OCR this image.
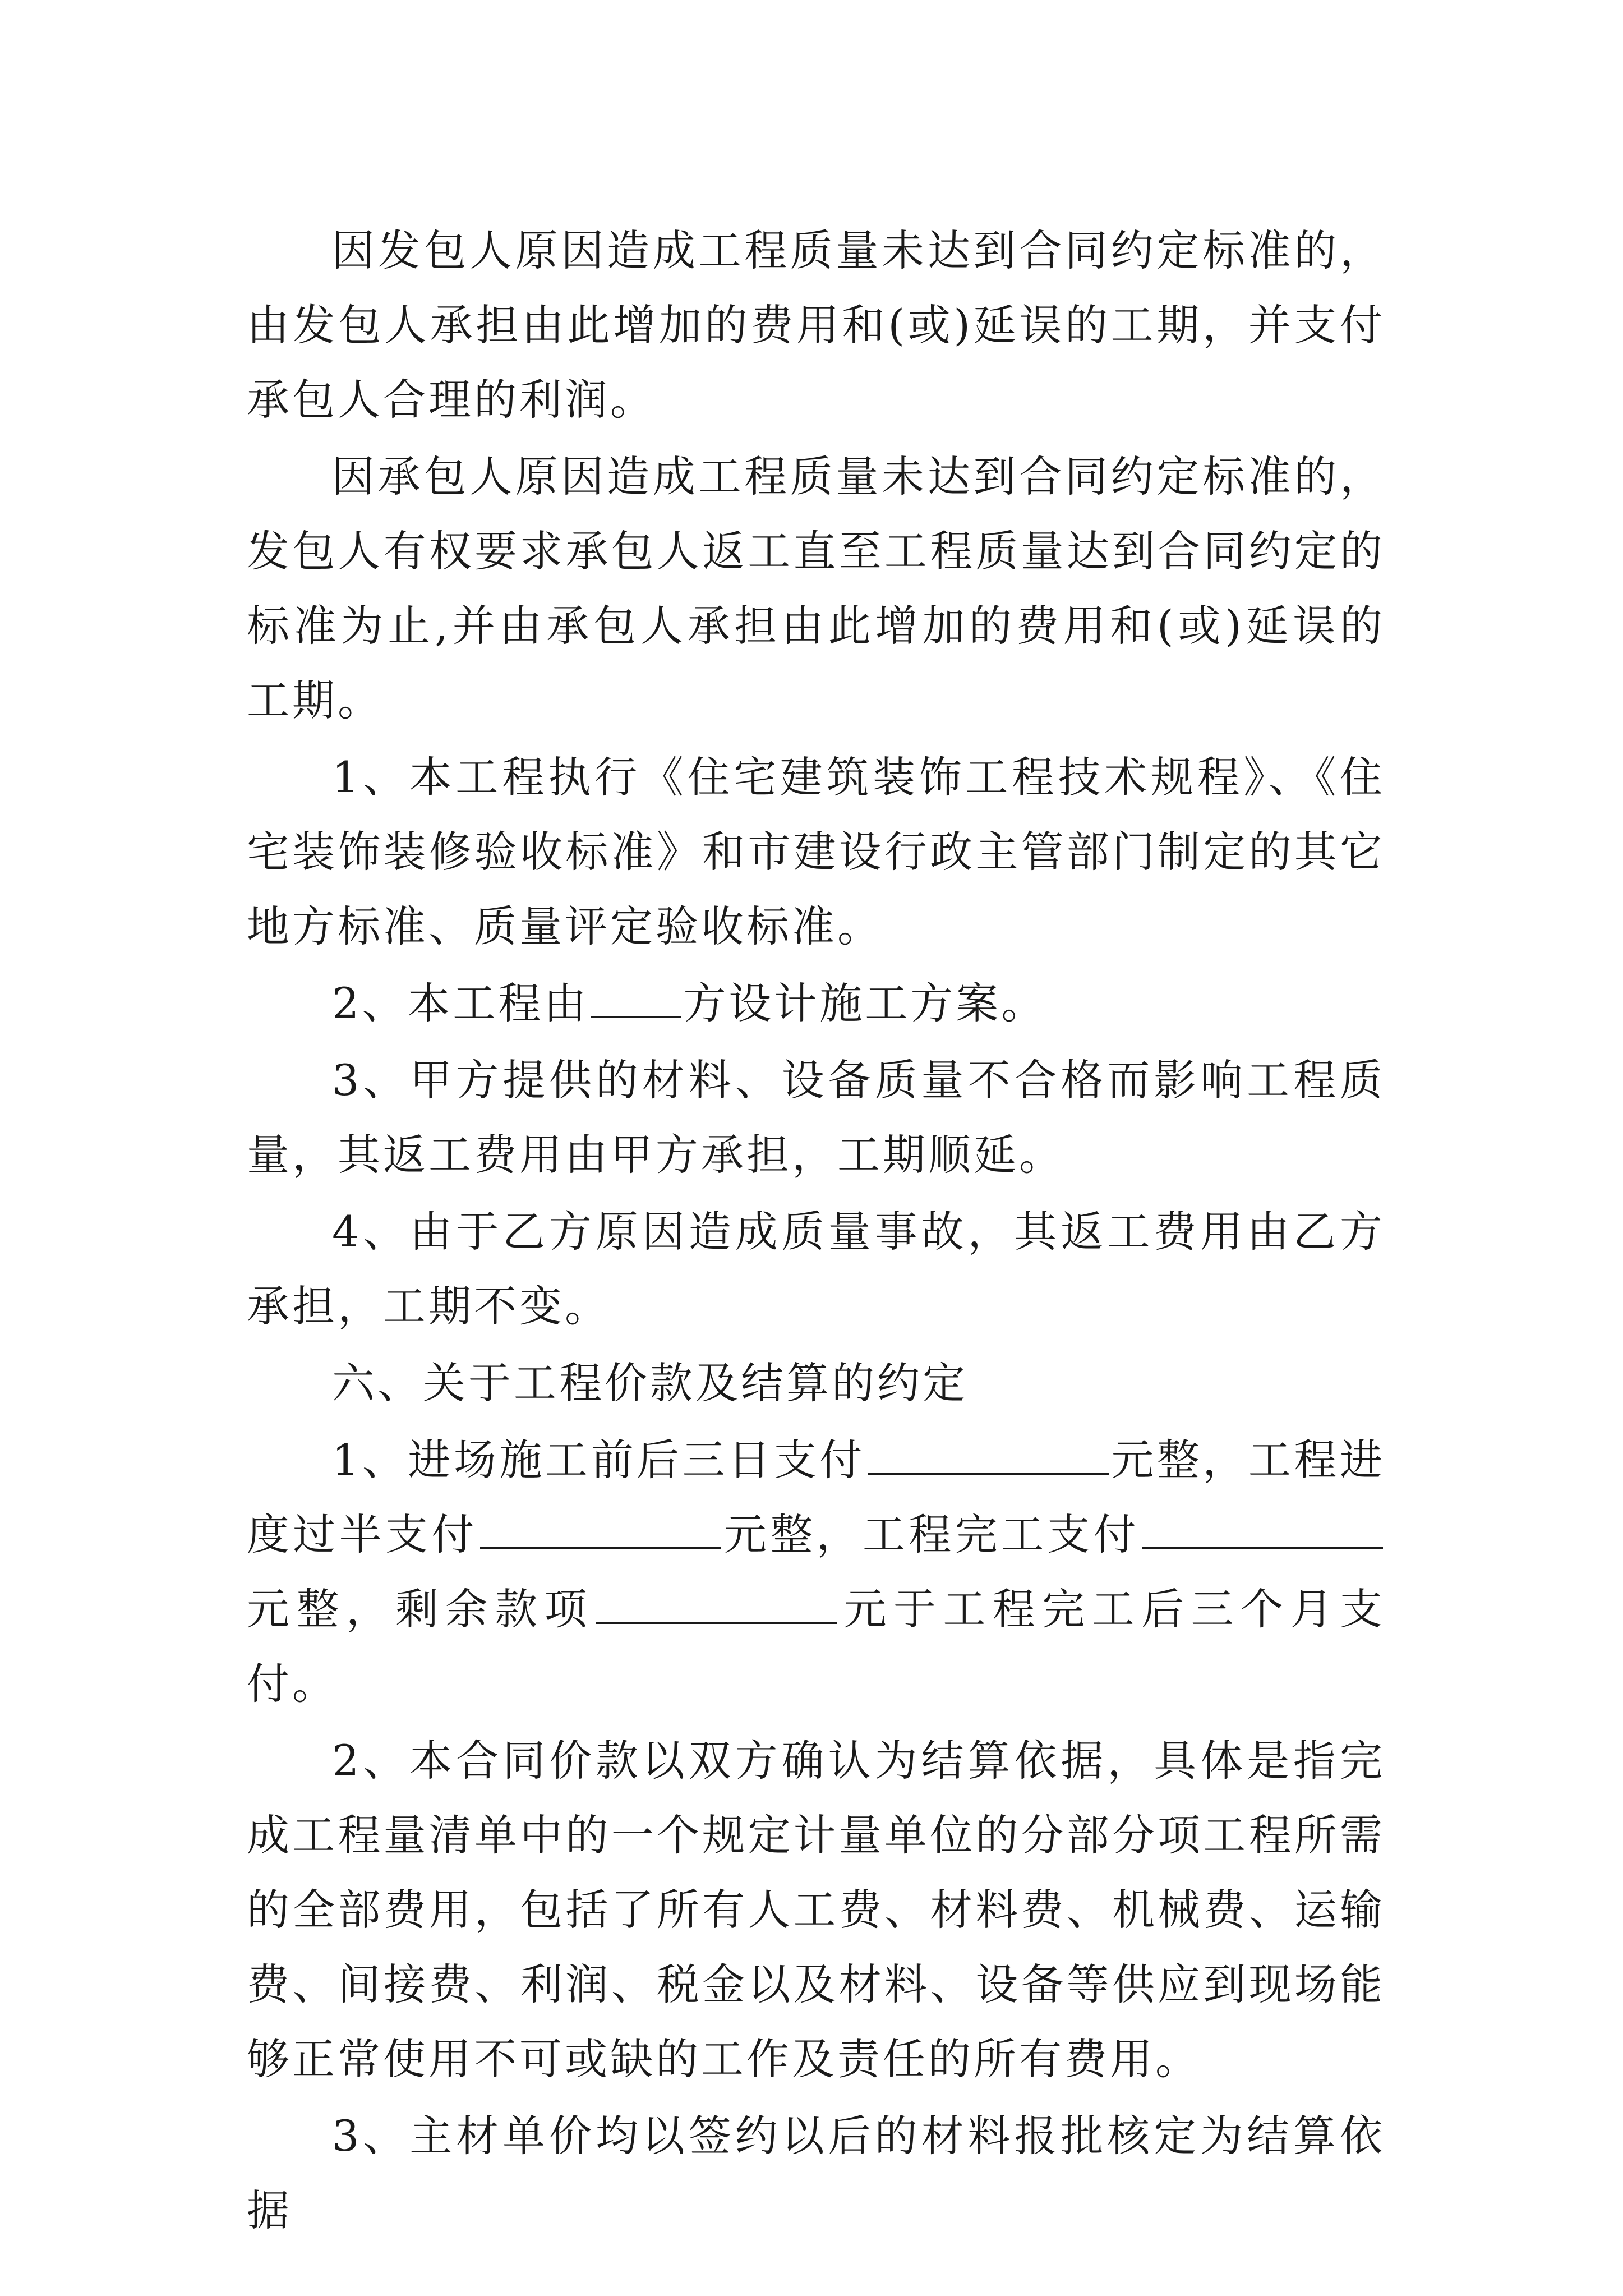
因发包人原因造成工程质量未达到合同约定标准的，由发包人承担由此增加的费用和(或)延误的工期，并支付承包人合理的利润。

因承包人原因造成工程质量未达到合同约定标准的，发包人有权要求承包人返工直至工程质量达到合同约定的标准为止,并由承包人承担由此增加的费用和(或)延误的工期。

1、本工程执行《住宅建筑装饰工程技术规程》、《住宅装饰装修验收标准》和市建设行政主管部门制定的其它地方标准、质量评定验收标准。

2、本工程由 方设计施工方案。

3、甲方提供的材料、设备质量不合格而影响工程质量，其返工费用由甲方承担，工期顺延。

4、由于乙方原因造成质量事故，其返工费用由乙方承担，工期不变。

六、关于工程价款及结算的约定

1、进场施工前后三日支付	元整，工程进度过半支付	元整，工程完工支付元整，剩余款项	元于工程完工后三个月支付。

2、本合同价款以双方确认为结算依据，具体是指完成工程量清单中的一个规定计量单位的分部分项工程所需的全部费用，包括了所有人工费、材料费、机械费、运输费、间接费、利润、税金以及材料、设备等供应到现场能够正常使用不可或缺的工作及责任的所有费用。

3、主材单价均以签约以后的材料报批核定为结算依据
